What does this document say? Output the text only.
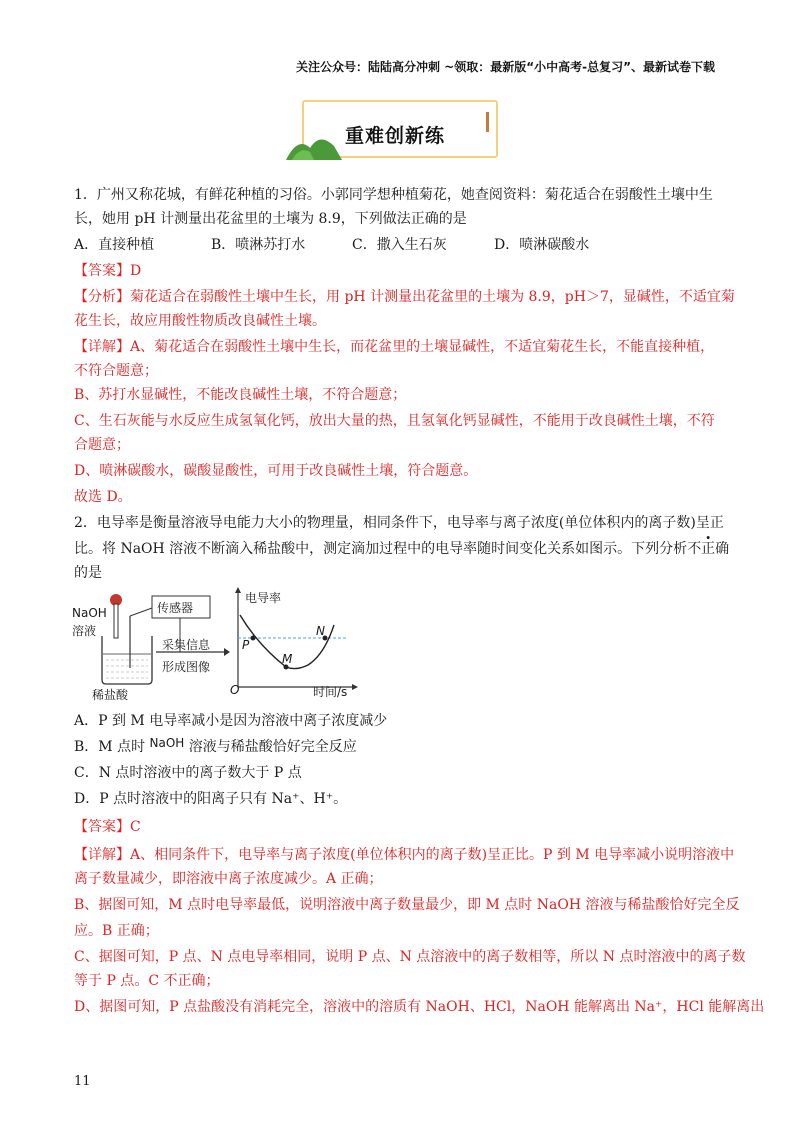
关注公众号：陆陆高分冲刺 ~领取：最新版“小中高考-总复习”、最新试卷下载
重难创新练
1．广州又称花城，有鲜花种植的习俗。小郭同学想种植菊花，她查阅资料：菊花适合在弱酸性土壤中生
长，她用 pH 计测量出花盆里的土壤为 8.9，下列做法正确的是
A．直接种植	B．喷淋苏打水	C．撒入生石灰	D．喷淋碳酸水
【答案】D
【分析】菊花适合在弱酸性土壤中生长，用 pH 计测量出花盆里的土壤为 8.9，pH＞7，显碱性，不适宜菊
花生长，故应用酸性物质改良碱性土壤。
【详解】A、菊花适合在弱酸性土壤中生长，而花盆里的土壤显碱性，不适宜菊花生长，不能直接种植，
不符合题意；
B、苏打水显碱性，不能改良碱性土壤，不符合题意；
C、生石灰能与水反应生成氢氧化钙，放出大量的热，且氢氧化钙显碱性，不能用于改良碱性土壤，不符
合题意；
D、喷淋碳酸水，碳酸显酸性，可用于改良碱性土壤，符合题意。
故选 D。
2．电导率是衡量溶液导电能力大小的物理量，相同条件下，电导率与离子浓度(单位体积内的离子数)呈正
比。将 NaOH 溶液不断滴入稀盐酸中，测定滴加过程中的电导率随时间变化关系如图示。下列分析不正确
的是
NaOH
溶液
传感器
稀盐酸
采集信息
形成图像
电导率
时间/s
O
P
M
N
A．P 到 M 电导率减小是因为溶液中离子浓度减少
B．M 点时 NaOH 溶液与稀盐酸恰好完全反应
C．N 点时溶液中的离子数大于 P 点
D．P 点时溶液中的阳离子只有 Na⁺、H⁺。
【答案】C
【详解】A、相同条件下，电导率与离子浓度(单位体积内的离子数)呈正比。P 到 M 电导率减小说明溶液中
离子数量减少，即溶液中离子浓度减少。A 正确；
B、据图可知，M 点时电导率最低，说明溶液中离子数量最少，即 M 点时 NaOH 溶液与稀盐酸恰好完全反
应。B 正确；
C、据图可知，P 点、N 点电导率相同，说明 P 点、N 点溶液中的离子数相等，所以 N 点时溶液中的离子数
等于 P 点。C 不正确；
D、据图可知，P 点盐酸没有消耗完全，溶液中的溶质有 NaOH、HCl，NaOH 能解离出 Na⁺，HCl 能解离出
11
